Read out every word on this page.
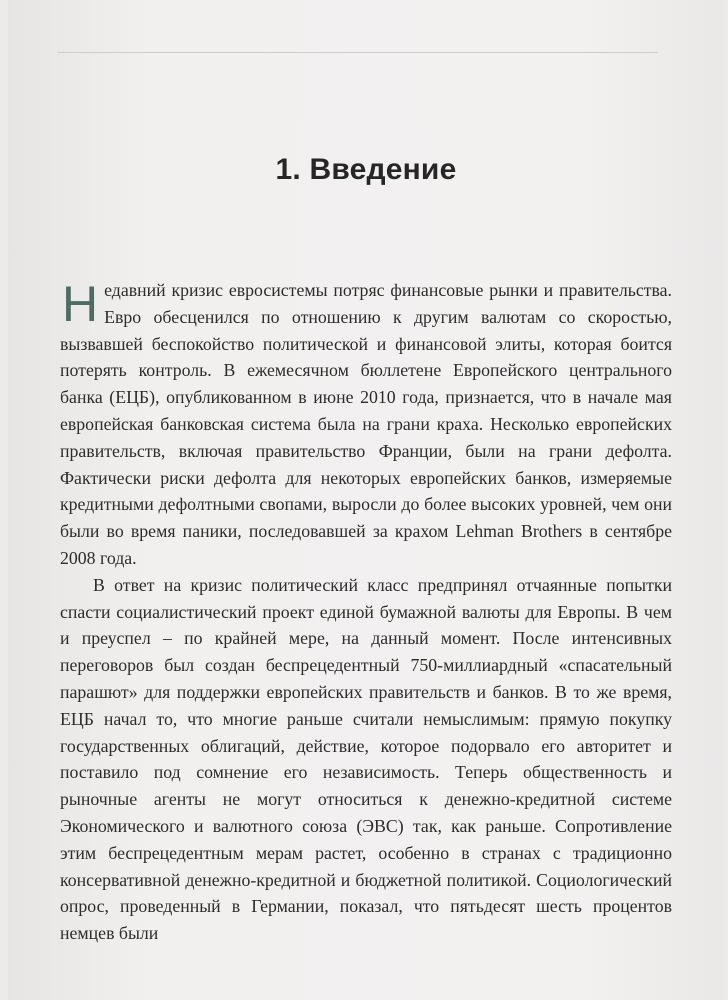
1. Введение

Недавний кризис евросистемы потряс финансовые рынки и правительства. Евро обесценился по отношению к другим валютам со скоростью, вызвавшей беспокойство политической и финансовой элиты, которая боится потерять контроль. В ежемесячном бюллетене Европейского центрального банка (ЕЦБ), опубликованном в июне 2010 года, признается, что в начале мая европейская банковская система была на грани краха. Несколько европейских правительств, включая правительство Франции, были на грани дефолта. Фактически риски дефолта для некоторых европейских банков, измеряемые кредитными дефолтными свопами, выросли до более высоких уровней, чем они были во время паники, последовавшей за крахом Lehman Brothers в сентябре 2008 года.

В ответ на кризис политический класс предпринял отчаянные попытки спасти социалистический проект единой бумажной валюты для Европы. В чем и преуспел – по крайней мере, на данный момент. После интенсивных переговоров был создан беспрецедентный 750-миллиардный «спасательный парашют» для поддержки европейских правительств и банков. В то же время, ЕЦБ начал то, что многие раньше считали немыслимым: прямую покупку государственных облигаций, действие, которое подорвало его авторитет и поставило под сомнение его независимость. Теперь общественность и рыночные агенты не могут относиться к денежно-кредитной системе Экономического и валютного союза (ЭВС) так, как раньше. Сопротивление этим беспрецедентным мерам растет, особенно в странах с традиционно консервативной денежно-кредитной и бюджетной политикой. Социологический опрос, проведенный в Германии, показал, что пятьдесят шесть процентов немцев были
